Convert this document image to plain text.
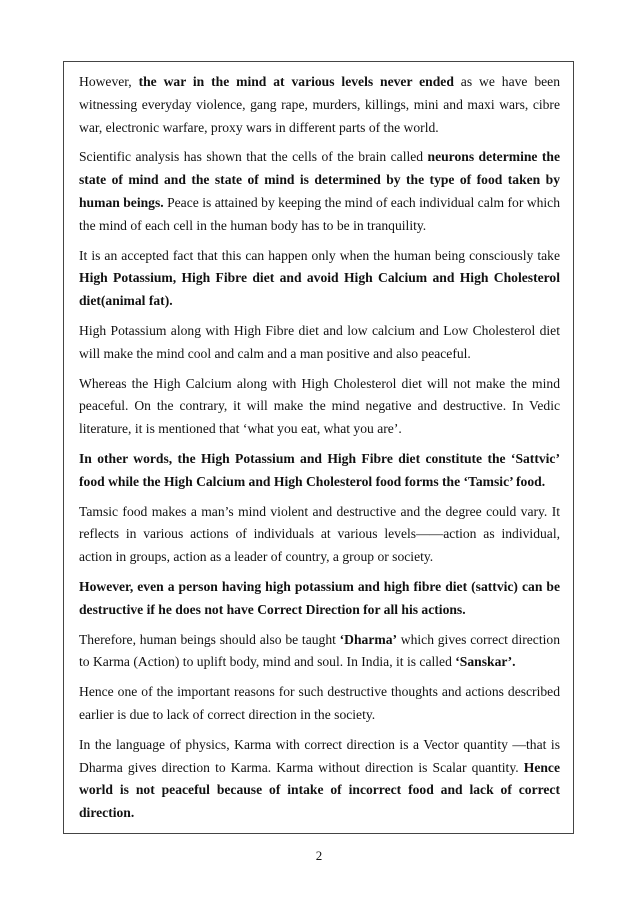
However, the war in the mind at various levels never ended as we have been witnessing everyday violence, gang rape, murders, killings, mini and maxi wars, cibre war, electronic warfare, proxy wars in different parts of the world.

Scientific analysis has shown that the cells of the brain called neurons determine the state of mind and the state of mind is determined by the type of food taken by human beings. Peace is attained by keeping the mind of each individual calm for which the mind of each cell in the human body has to be in tranquility.

It is an accepted fact that this can happen only when the human being consciously take High Potassium, High Fibre diet and avoid High Calcium and High Cholesterol diet(animal fat).

High Potassium along with High Fibre diet and low calcium and Low Cholesterol diet will make the mind cool and calm and a man positive and also peaceful.

Whereas the High Calcium along with High Cholesterol diet will not make the mind peaceful. On the contrary, it will make the mind negative and destructive. In Vedic literature, it is mentioned that ‘what you eat, what you are’.

In other words, the High Potassium and High Fibre diet constitute the ‘Sattvic’ food while the High Calcium and High Cholesterol food forms the ‘Tamsic’ food.

Tamsic food makes a man’s mind violent and destructive and the degree could vary. It reflects in various actions of individuals at various levels——action as individual, action in groups, action as a leader of country, a group or society.

However, even a person having high potassium and high fibre diet (sattvic) can be destructive if he does not have Correct Direction for all his actions.

Therefore, human beings should also be taught ‘Dharma’ which gives correct direction to Karma (Action) to uplift body, mind and soul. In India, it is called ‘Sanskar’.

Hence one of the important reasons for such destructive thoughts and actions described earlier is due to lack of correct direction in the society.

In the language of physics, Karma with correct direction is a Vector quantity —that is Dharma gives direction to Karma. Karma without direction is Scalar quantity. Hence world is not peaceful because of intake of incorrect food and lack of correct direction.

2
